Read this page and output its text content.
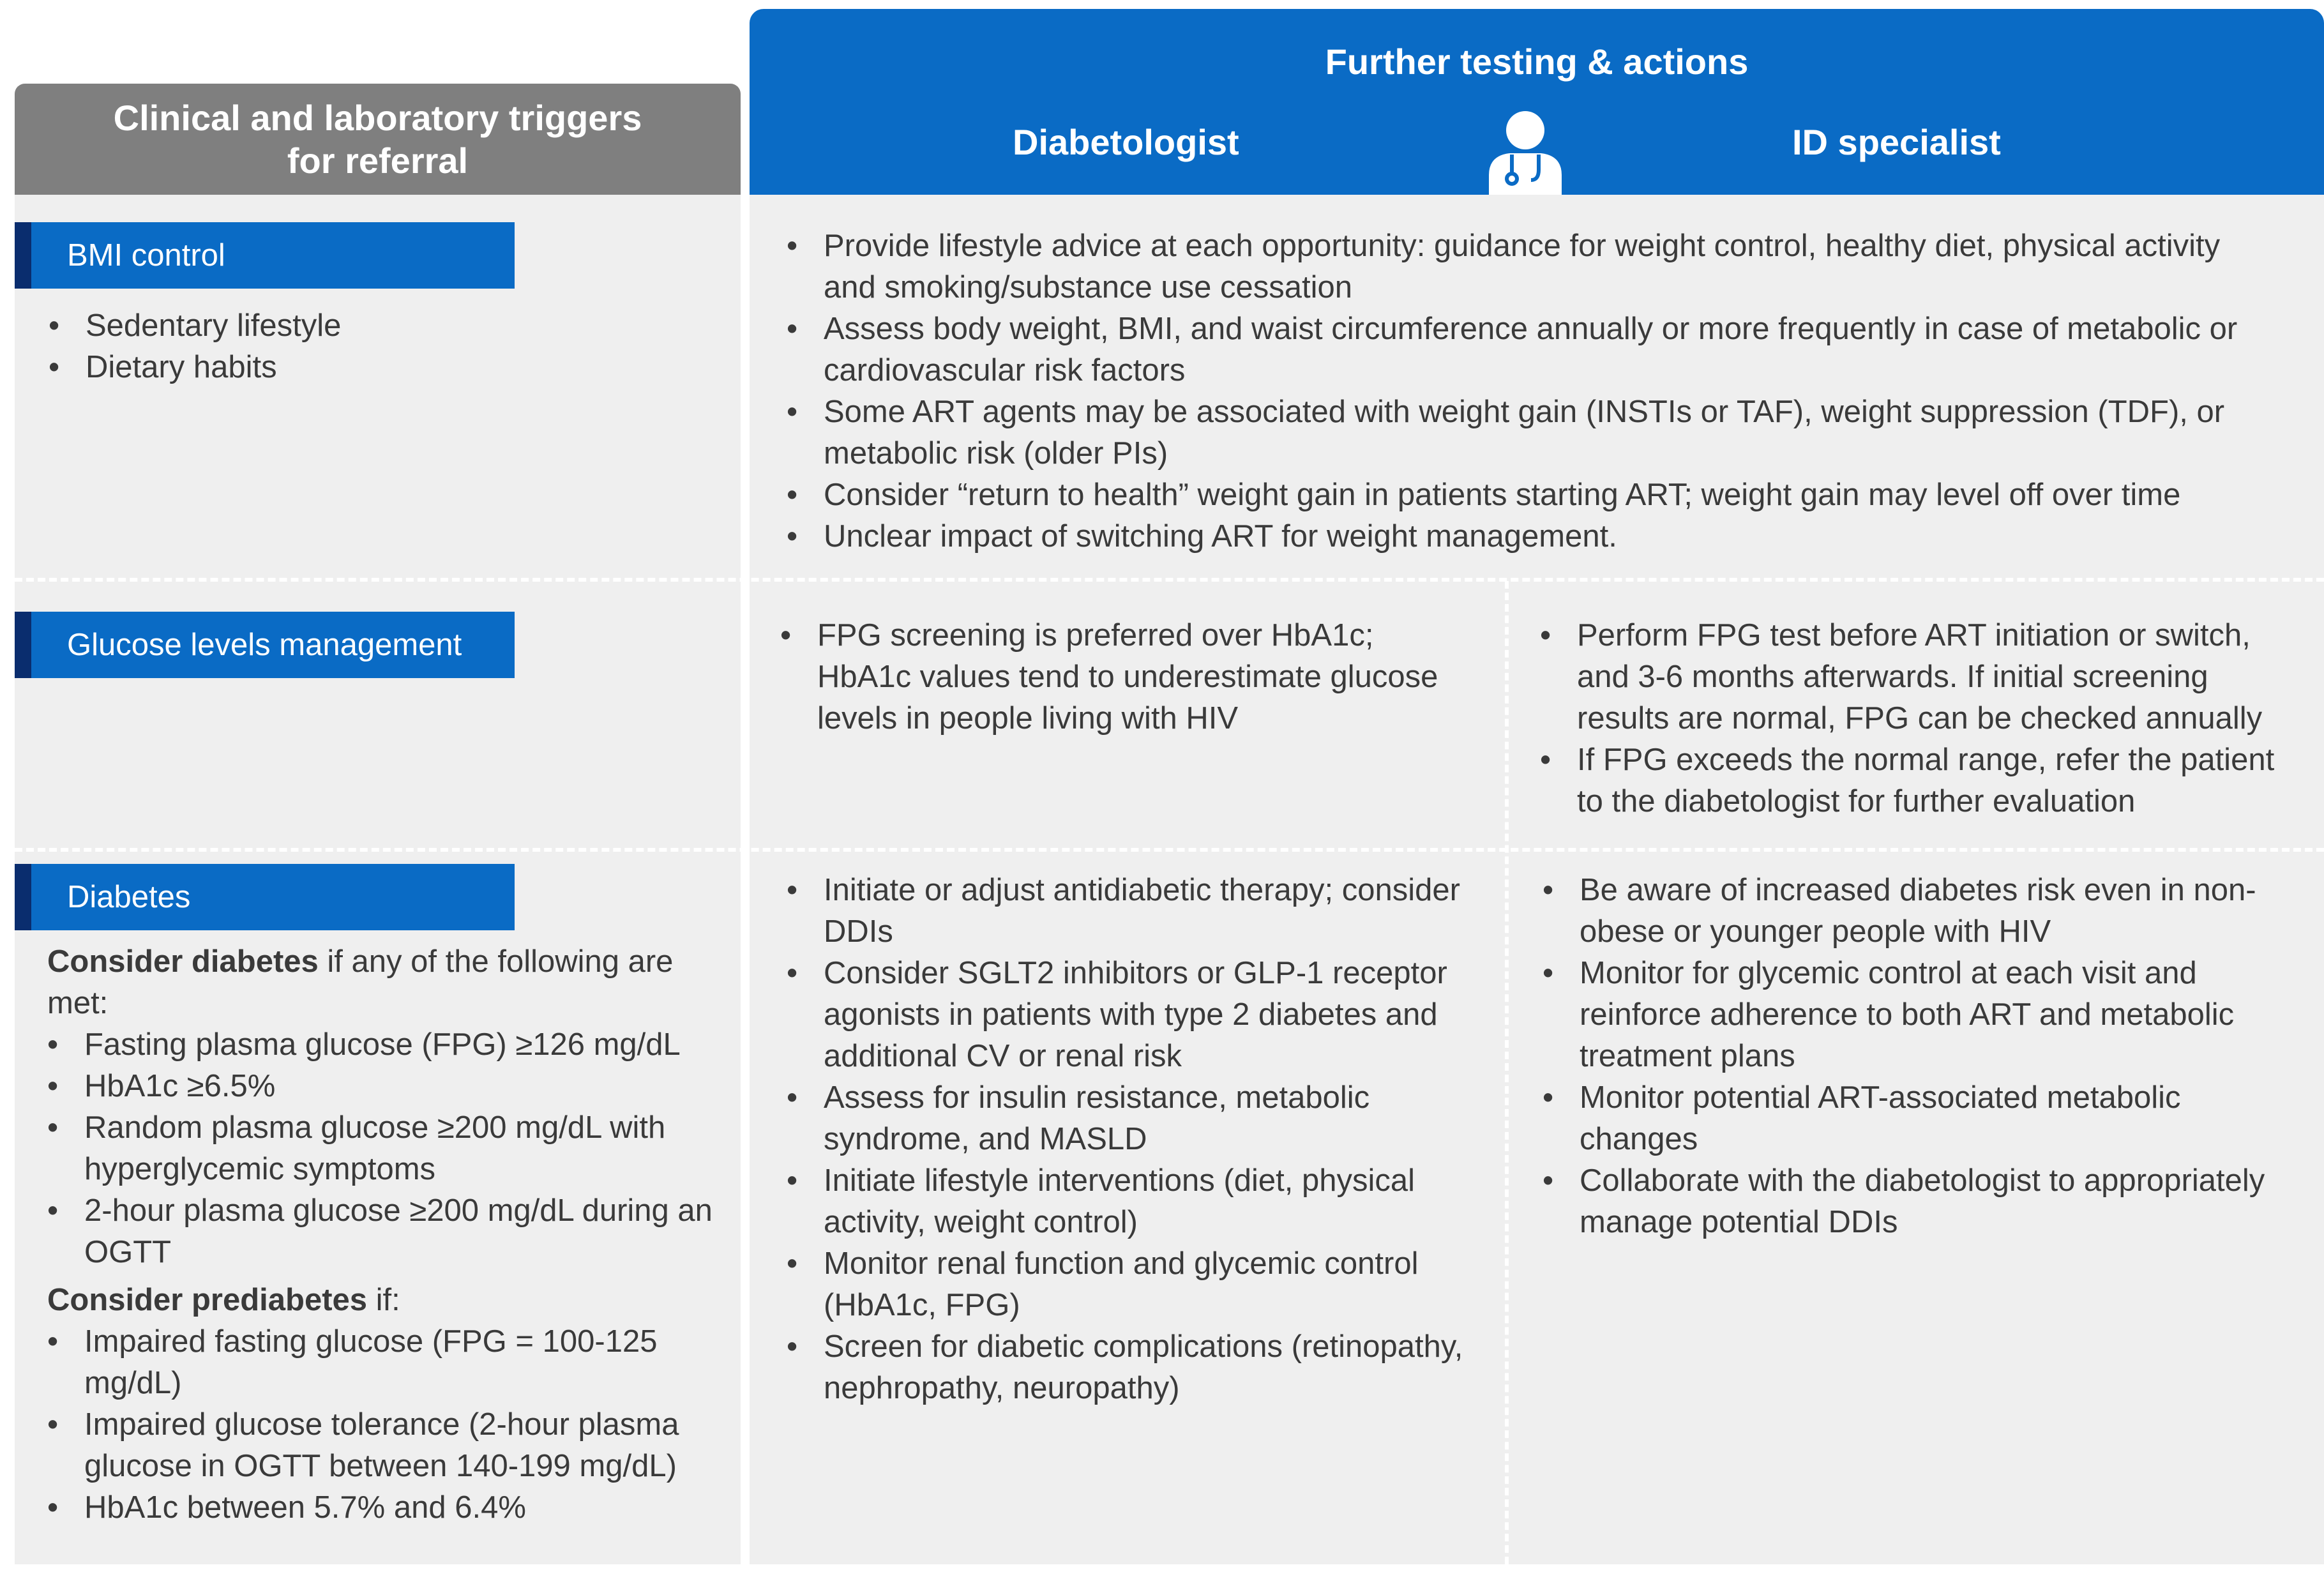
Clinical and laboratory triggers
for referral
Further testing & actions
Diabetologist	ID specialist
BMI control
• Sedentary lifestyle
• Dietary habits
• Provide lifestyle advice at each opportunity: guidance for weight control, healthy diet, physical activity and smoking/substance use cessation
• Assess body weight, BMI, and waist circumference annually or more frequently in case of metabolic or cardiovascular risk factors
• Some ART agents may be associated with weight gain (INSTIs or TAF), weight suppression (TDF), or metabolic risk (older PIs)
• Consider “return to health” weight gain in patients starting ART; weight gain may level off over time
• Unclear impact of switching ART for weight management.
Glucose levels management
•	FPG screening is preferred over HbA1c; HbA1c values tend to underestimate glucose levels in people living with HIV
• Perform FPG test before ART initiation or switch, and 3-6 months afterwards. If initial screening results are normal, FPG can be checked annually
• If FPG exceeds the normal range, refer the patient to the diabetologist for further evaluation
Diabetes

Consider diabetes if any of the following are met:

• Fasting plasma glucose (FPG) ≥126 mg/dL
• HbA1c ≥6.5%
• Random plasma glucose ≥200 mg/dL with hyperglycemic symptoms
• 2-hour plasma glucose ≥200 mg/dL during an OGTT

Consider prediabetes if:

• Impaired fasting glucose (FPG = 100-125 mg/dL)
• Impaired glucose tolerance (2-hour plasma glucose in OGTT between 140-199 mg/dL)
• HbA1c between 5.7% and 6.4%
• Initiate or adjust antidiabetic therapy; consider DDIs
• Consider SGLT2 inhibitors or GLP-1 receptor agonists in patients with type 2 diabetes and additional CV or renal risk
• Assess for insulin resistance, metabolic syndrome, and MASLD
• Initiate lifestyle interventions (diet, physical activity, weight control)
• Monitor renal function and glycemic control (HbA1c, FPG)
• Screen for diabetic complications (retinopathy, nephropathy, neuropathy)
• Be aware of increased diabetes risk even in non-obese or younger people with HIV
• Monitor for glycemic control at each visit and reinforce adherence to both ART and metabolic treatment plans
• Monitor potential ART-associated metabolic changes
• Collaborate with the diabetologist to appropriately manage potential DDIs
